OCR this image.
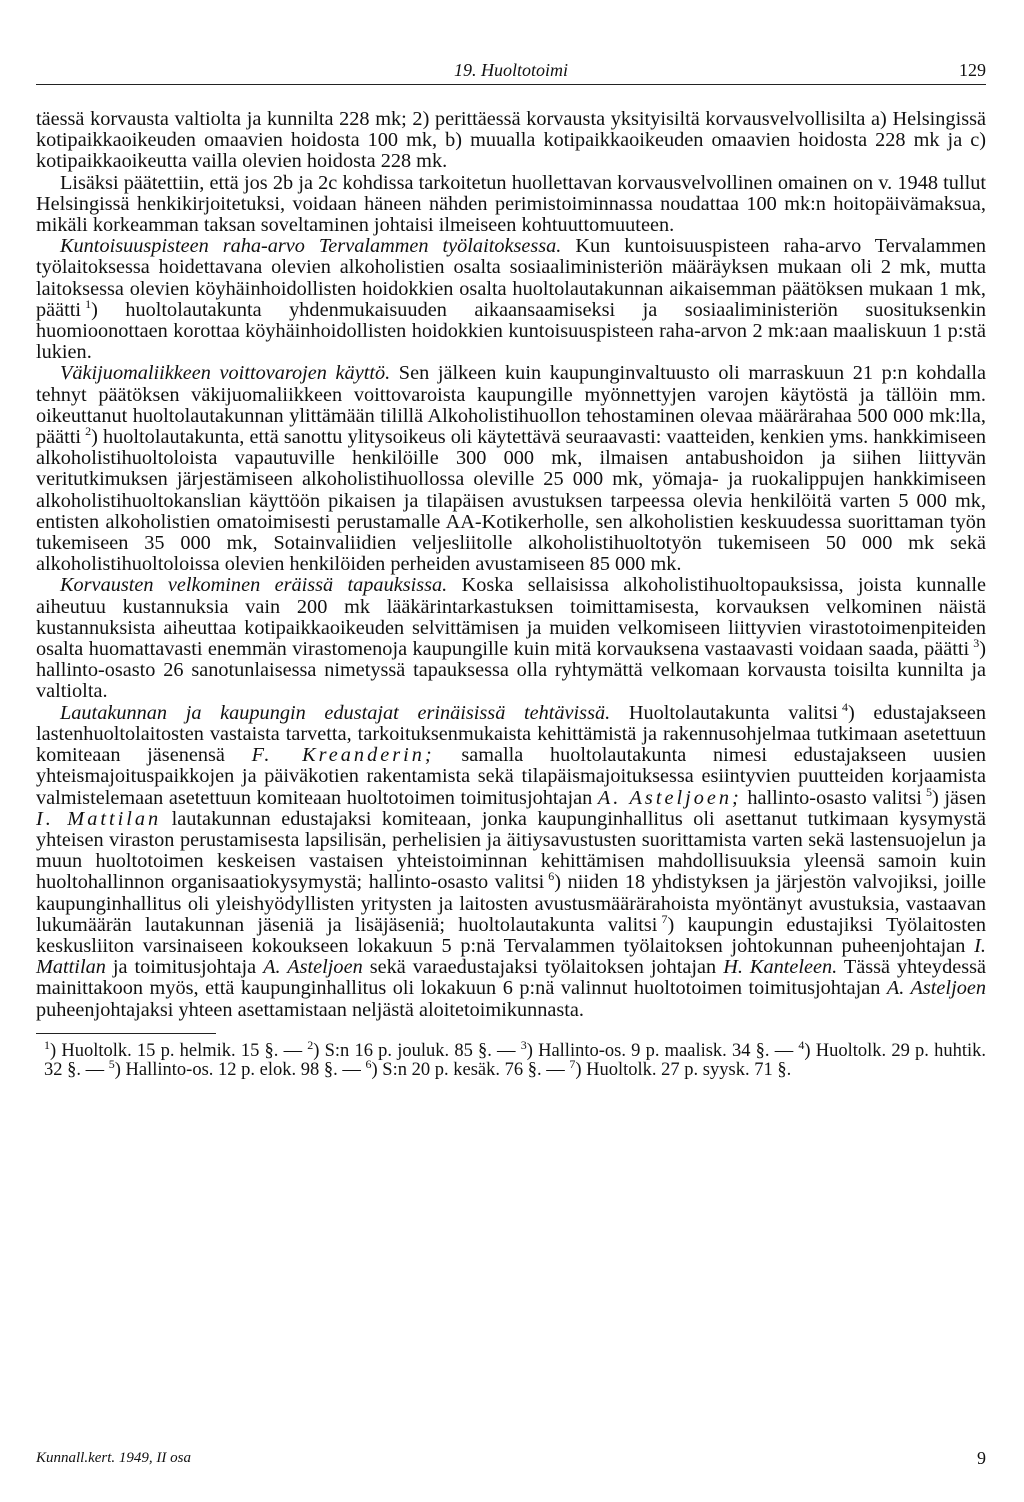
19. Huoltotoimi	129

täessä korvausta valtiolta ja kunnilta 228 mk; 2) perittäessä korvausta yksityisiltä korvausvelvollisilta a) Helsingissä kotipaikkaoikeuden omaavien hoidosta 100 mk, b) muualla kotipaikkaoikeuden omaavien hoidosta 228 mk ja c) kotipaikkaoikeutta vailla olevien hoidosta 228 mk.

Lisäksi päätettiin, että jos 2b ja 2c kohdissa tarkoitetun huollettavan korvausvelvollinen omainen on v. 1948 tullut Helsingissä henkikirjoitetuksi, voidaan häneen nähden perimistoiminnassa noudattaa 100 mk:n hoitopäivämaksua, mikäli korkeamman taksan soveltaminen johtaisi ilmeiseen kohtuuttomuuteen.

Kuntoisuuspisteen raha-arvo Tervalammen työlaitoksessa. Kun kuntoisuuspisteen raha-arvo Tervalammen työlaitoksessa hoidettavana olevien alkoholistien osalta sosiaaliministeriön määräyksen mukaan oli 2 mk, mutta laitoksessa olevien köyhäinhoidollisten hoidokkien osalta huoltolautakunnan aikaisemman päätöksen mukaan 1 mk, päätti  $^1$) huoltolautakunta yhdenmukaisuuden aikaansaamiseksi ja sosiaaliministeriön suosituksenkin huomioonottaen korottaa köyhäinhoidollisten hoidokkien kuntoisuuspisteen raha-arvon 2 mk:aan maaliskuun 1 p:stä lukien.

Väkijuomaliikkeen voittovarojen käyttö. Sen jälkeen kuin kaupunginvaltuusto oli marraskuun 21 p:n kohdalla tehnyt päätöksen väkijuomaliikkeen voittovaroista kaupungille myönnettyjen varojen käytöstä ja tällöin mm. oikeuttanut huoltolautakunnan ylittämään tilillä Alkoholistihuollon tehostaminen olevaa määrärahaa 500 000 mk:lla, päätti  $^2$) huoltolautakunta, että sanottu ylitysoikeus oli käytettävä seuraavasti: vaatteiden, kenkien yms. hankkimiseen alkoholistihuoltoloista vapautuville henkilöille 300 000 mk, ilmaisen antabushoidon ja siihen liittyvän veritutkimuksen järjestämiseen alkoholistihuollossa oleville 25 000 mk, yömaja- ja ruokalippujen hankkimiseen alkoholistihuoltokanslian käyttöön pikaisen ja tilapäisen avustuksen tarpeessa olevia henkilöitä varten 5 000 mk, entisten alkoholistien omatoimisesti perustamalle AA-Kotikerholle, sen alkoholistien keskuudessa suorittaman työn tukemiseen 35 000 mk, Sotainvaliidien veljesliitolle alkoholistihuoltotyön tukemiseen 50 000 mk sekä alkoholistihuoltoloissa olevien henkilöiden perheiden avustamiseen 85 000 mk.

Korvausten velkominen eräissä tapauksissa. Koska sellaisissa alkoholistihuoltopauksissa, joista kunnalle aiheutuu kustannuksia vain 200 mk lääkärintarkastuksen toimittamisesta, korvauksen velkominen näistä kustannuksista aiheuttaa kotipaikkaoikeuden selvittämisen ja muiden velkomiseen liittyvien virastotoimenpiteiden osalta huomattavasti enemmän virastomenoja kaupungille kuin mitä korvauksena vastaavasti voidaan saada, päätti  $^3$) hallinto-osasto 26 sanotunlaisessa nimetyssä tapauksessa olla ryhtymättä velkomaan korvausta toisilta kunnilta ja valtiolta.

Lautakunnan ja kaupungin edustajat erinäisissä tehtävissä. Huoltolautakunta valitsi  $^4$) edustajakseen lastenhuoltolaitosten vastaista tarvetta, tarkoituksenmukaista kehittämistä ja rakennusohjelmaa tutkimaan asetettuun komiteaan jäsenensä F. Kreanderin; samalla huoltolautakunta nimesi edustajakseen uusien yhteismajoituspaikkojen ja päiväkotien rakentamista sekä tilapäismajoituksessa esiintyvien puutteiden korjaamista valmistelemaan asetettuun komiteaan huoltotoimen toimitusjohtajan A. Asteljoen; hallinto-osasto valitsi  $^5$) jäsen I. Mattilan lautakunnan edustajaksi komiteaan, jonka kaupunginhallitus oli asettanut tutkimaan kysymystä yhteisen viraston perustamisesta lapsilisän, perhelisien ja äitiysavustusten suorittamista varten sekä lastensuojelun ja muun huoltotoimen keskeisen vastaisen yhteistoiminnan kehittämisen mahdollisuuksia yleensä samoin kuin huoltohallinnon organisaatiokysymystä; hallinto-osasto valitsi  $^6$) niiden 18 yhdistyksen ja järjestön valvojiksi, joille kaupunginhallitus oli yleishyödyllisten yritysten ja laitosten avustusmäärärahoista myöntänyt avustuksia, vastaavan lukumäärän lautakunnan jäseniä ja lisäjäseniä; huoltolautakunta valitsi  $^7$) kaupungin edustajiksi Työlaitosten keskusliiton varsinaiseen kokoukseen lokakuun 5 p:nä Tervalammen työlaitoksen johtokunnan puheenjohtajan I. Mattilan ja toimitusjohtaja A. Asteljoen sekä varaedustajaksi työlaitoksen johtajan H. Kanteleen. Tässä yhteydessä mainittakoon myös, että kaupunginhallitus oli lokakuun 6 p:nä valinnut huoltotoimen toimitusjohtajan A. Asteljoen puheenjohtajaksi yhteen asettamistaan neljästä aloitetoimikunnasta.

$^1$) Huoltolk. 15 p. helmik. 15 §. — $^2$) S:n 16 p. jouluk. 85 §. — $^3$) Hallinto-os. 9 p. maalisk. 34 §. — $^4$) Huoltolk. 29 p. huhtik. 32 §. — $^5$) Hallinto-os. 12 p. elok. 98 §. — $^6$) S:n 20 p. kesäk. 76 §. — $^7$) Huoltolk. 27 p. syysk. 71 §.
Kunnall.kert. 1949, II osa	9
